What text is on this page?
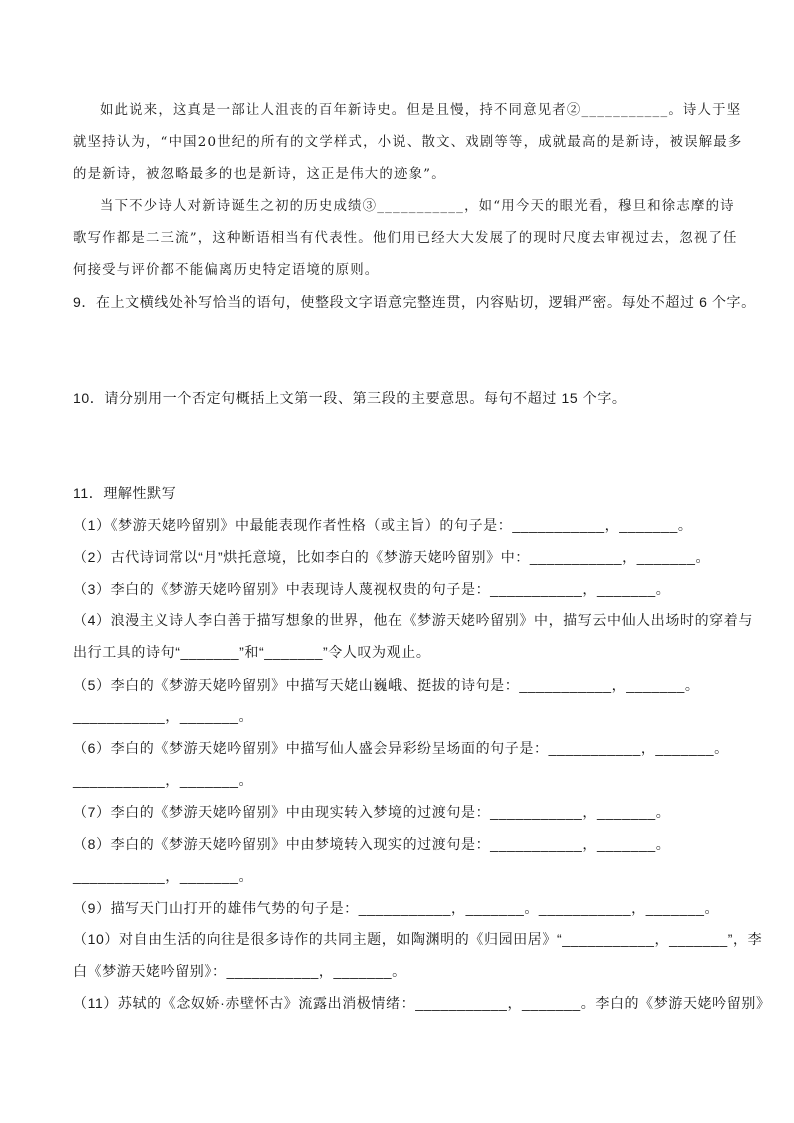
如此说来，这真是一部让人沮丧的百年新诗史。但是且慢，持不同意见者②___________。诗人于坚
就坚持认为，“中国20世纪的所有的文学样式，小说、散文、戏剧等等，成就最高的是新诗，被误解最多
的是新诗，被忽略最多的也是新诗，这正是伟大的迹象”。
当下不少诗人对新诗诞生之初的历史成绩③___________，如“用今天的眼光看，穆旦和徐志摩的诗
歌写作都是二三流”，这种断语相当有代表性。他们用已经大大发展了的现时尺度去审视过去，忽视了任
何接受与评价都不能偏离历史特定语境的原则。
9．在上文横线处补写恰当的语句，使整段文字语意完整连贯，内容贴切，逻辑严密。每处不超过 6 个字。
10．请分别用一个否定句概括上文第一段、第三段的主要意思。每句不超过 15 个字。
11．理解性默写
（1）《梦游天姥吟留别》中最能表现作者性格（或主旨）的句子是：___________，_______。
（2）古代诗词常以“月”烘托意境，比如李白的《梦游天姥吟留别》中：___________，_______。
（3）李白的《梦游天姥吟留别》中表现诗人蔑视权贵的句子是：___________，_______。
（4）浪漫主义诗人李白善于描写想象的世界，他在《梦游天姥吟留别》中，描写云中仙人出场时的穿着与
出行工具的诗句“_______”和“_______”令人叹为观止。
（5）李白的《梦游天姥吟留别》中描写天姥山巍峨、挺拔的诗句是：___________，_______。
___________，_______。
（6）李白的《梦游天姥吟留别》中描写仙人盛会异彩纷呈场面的句子是：___________，_______。
___________，_______。
（7）李白的《梦游天姥吟留别》中由现实转入梦境的过渡句是：___________，_______。
（8）李白的《梦游天姥吟留别》中由梦境转入现实的过渡句是：___________，_______。
___________，_______。
（9）描写天门山打开的雄伟气势的句子是：___________，_______。___________，_______。
（10）对自由生活的向往是很多诗作的共同主题，如陶渊明的《归园田居》“___________，_______”，李
白《梦游天姥吟留别》：___________，_______。
（11）苏轼的《念奴娇·赤壁怀古》流露出消极情绪：___________，_______。李白的《梦游天姥吟留别》
